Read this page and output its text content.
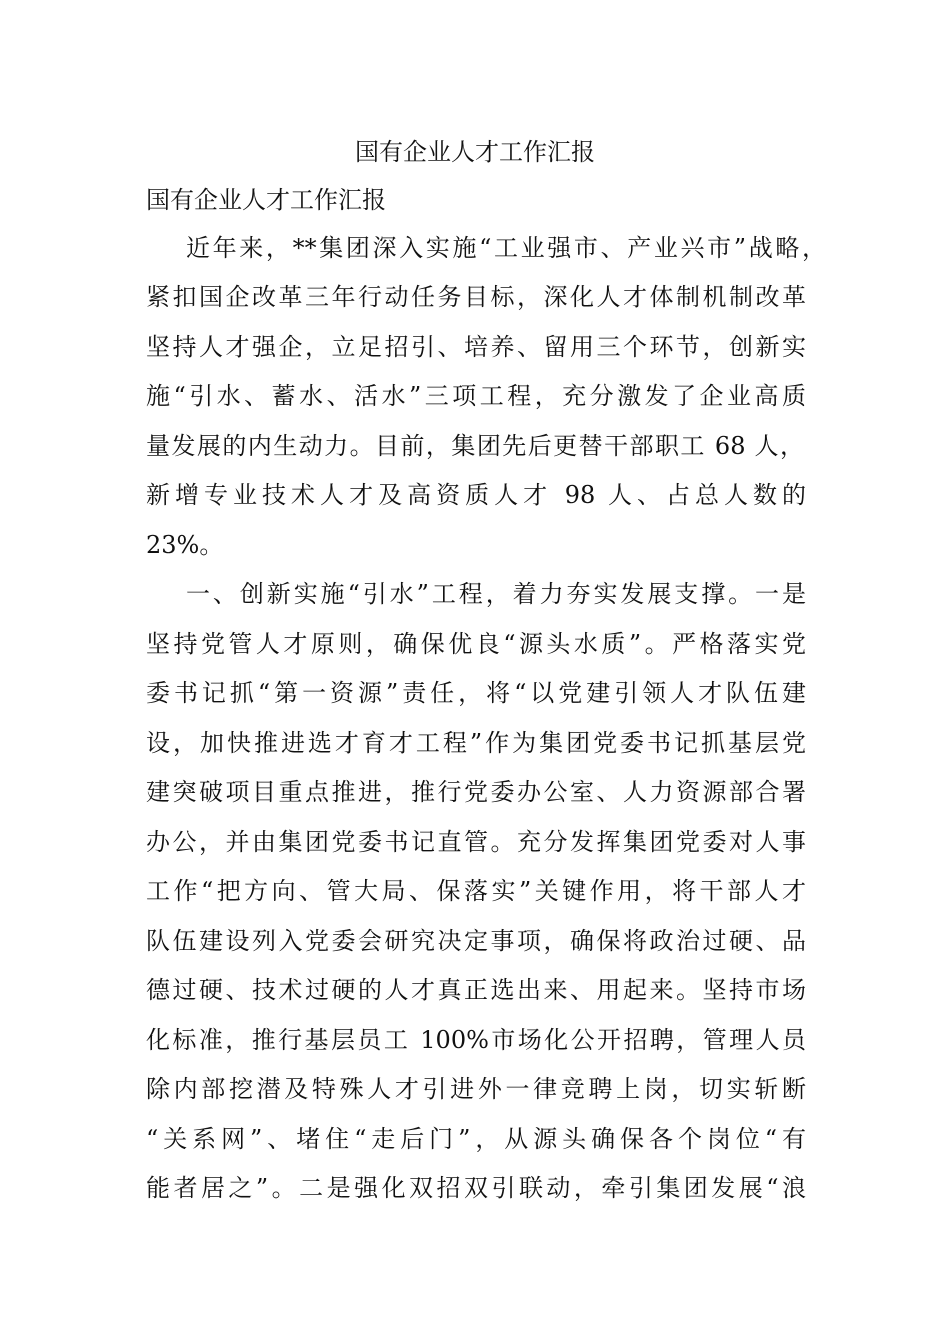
国有企业人才工作汇报
国有企业人才工作汇报
近年来，**集团深入实施“工业强市、产业兴市”战略，
紧扣国企改革三年行动任务目标，深化人才体制机制改革
坚持人才强企，立足招引、培养、留用三个环节，创新实
施“引水、蓄水、活水”三项工程，充分激发了企业高质
量发展的内生动力。目前，集团先后更替干部职工 68 人，
新增专业技术人才及高资质人才 98 人、占总人数的
23%。
一、创新实施“引水”工程，着力夯实发展支撑。一是
坚持党管人才原则，确保优良“源头水质”。严格落实党
委书记抓“第一资源”责任，将“以党建引领人才队伍建
设，加快推进选才育才工程”作为集团党委书记抓基层党
建突破项目重点推进，推行党委办公室、人力资源部合署
办公，并由集团党委书记直管。充分发挥集团党委对人事
工作“把方向、管大局、保落实”关键作用，将干部人才
队伍建设列入党委会研究决定事项，确保将政治过硬、品
德过硬、技术过硬的人才真正选出来、用起来。坚持市场
化标准，推行基层员工 100%市场化公开招聘，管理人员
除内部挖潜及特殊人才引进外一律竞聘上岗，切实斩断
“关系网”、堵住“走后门”，从源头确保各个岗位“有
能者居之”。二是强化双招双引联动，牵引集团发展“浪
